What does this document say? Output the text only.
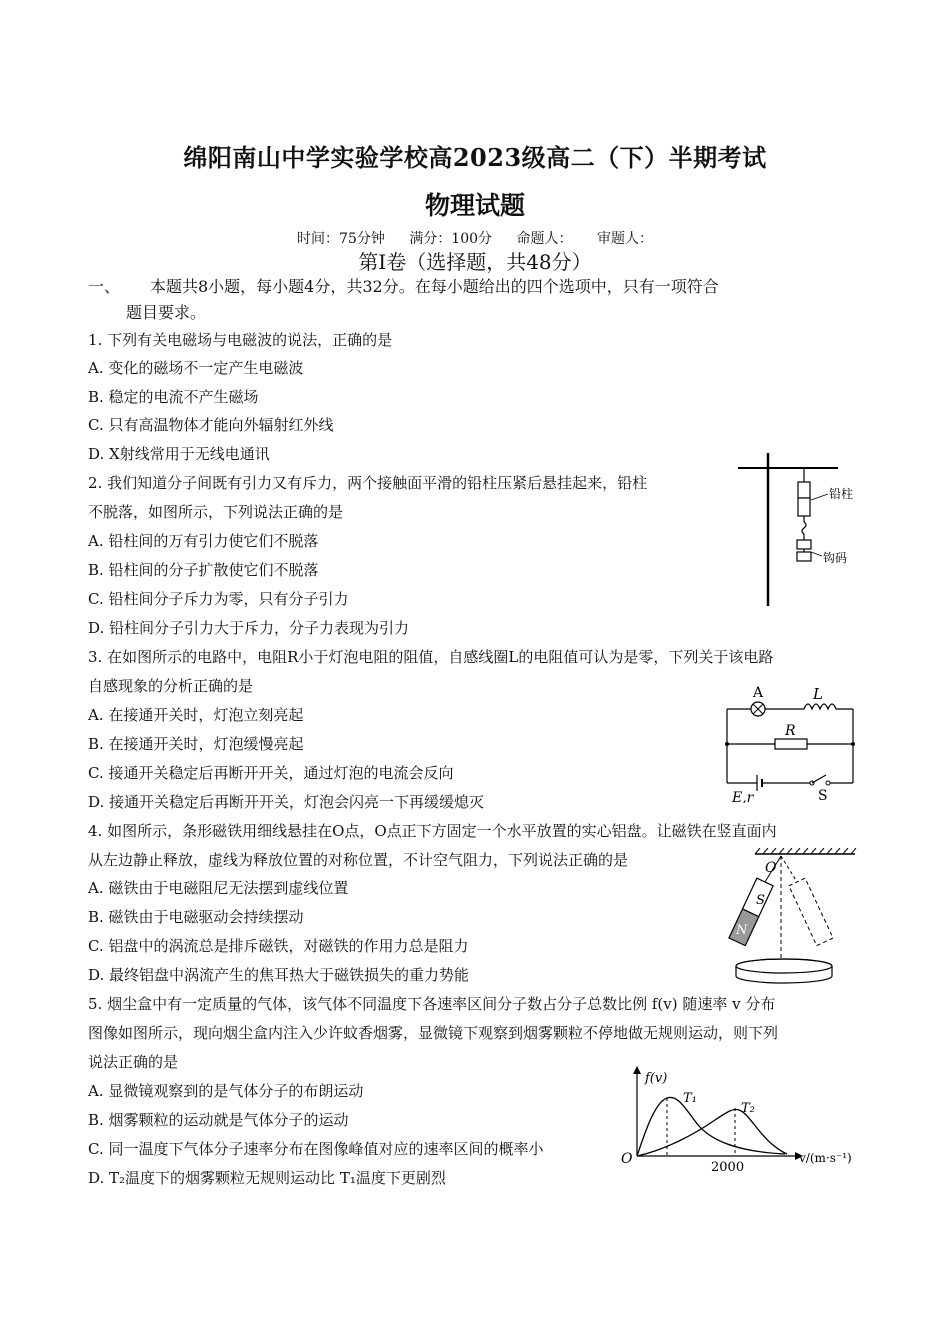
绵阳南山中学实验学校高2023级高二（下）半期考试
物理试题
时间：75分钟 满分：100分 命题人： 审题人：
第Ⅰ卷（选择题，共48分）
一、 本题共8小题，每小题4分，共32分。在每小题给出的四个选项中，只有一项符合
题目要求。
1. 下列有关电磁场与电磁波的说法，正确的是
A. 变化的磁场不一定产生电磁波
B. 稳定的电流不产生磁场
C. 只有高温物体才能向外辐射红外线
D. X射线常用于无线电通讯
2. 我们知道分子间既有引力又有斥力，两个接触面平滑的铅柱压紧后悬挂起来，铅柱
不脱落，如图所示，下列说法正确的是
A. 铅柱间的万有引力使它们不脱落
B. 铅柱间的分子扩散使它们不脱落
C. 铅柱间分子斥力为零，只有分子引力
D. 铅柱间分子引力大于斥力，分子力表现为引力
铅柱
钩码
3. 在如图所示的电路中，电阻R小于灯泡电阻的阻值，自感线圈L的电阻值可认为是零，下列关于该电路
自感现象的分析正确的是
A. 在接通开关时，灯泡立刻亮起
B. 在接通开关时，灯泡缓慢亮起
C. 接通开关稳定后再断开开关，通过灯泡的电流会反向
D. 接通开关稳定后再断开开关，灯泡会闪亮一下再缓缓熄灭
A	L
R
E,r	S
4. 如图所示，条形磁铁用细线悬挂在O点，O点正下方固定一个水平放置的实心铝盘。让磁铁在竖直面内
从左边静止释放，虚线为释放位置的对称位置，不计空气阻力，下列说法正确的是
A. 磁铁由于电磁阻尼无法摆到虚线位置
B. 磁铁由于电磁驱动会持续摆动
C. 铝盘中的涡流总是排斥磁铁，对磁铁的作用力总是阻力
D. 最终铝盘中涡流产生的焦耳热大于磁铁损失的重力势能
O
S
N
5. 烟尘盒中有一定质量的气体，该气体不同温度下各速率区间分子数占分子总数比例 f(v) 随速率 v 分布
图像如图所示，现向烟尘盒内注入少许蚊香烟雾，显微镜下观察到烟雾颗粒不停地做无规则运动，则下列
说法正确的是
A. 显微镜观察到的是气体分子的布朗运动
B. 烟雾颗粒的运动就是气体分子的运动
C. 同一温度下气体分子速率分布在图像峰值对应的速率区间的概率小
D. T₂温度下的烟雾颗粒无规则运动比 T₁温度下更剧烈
f(v)
v/(m·s⁻¹)
O
T₁
T₂
2000
